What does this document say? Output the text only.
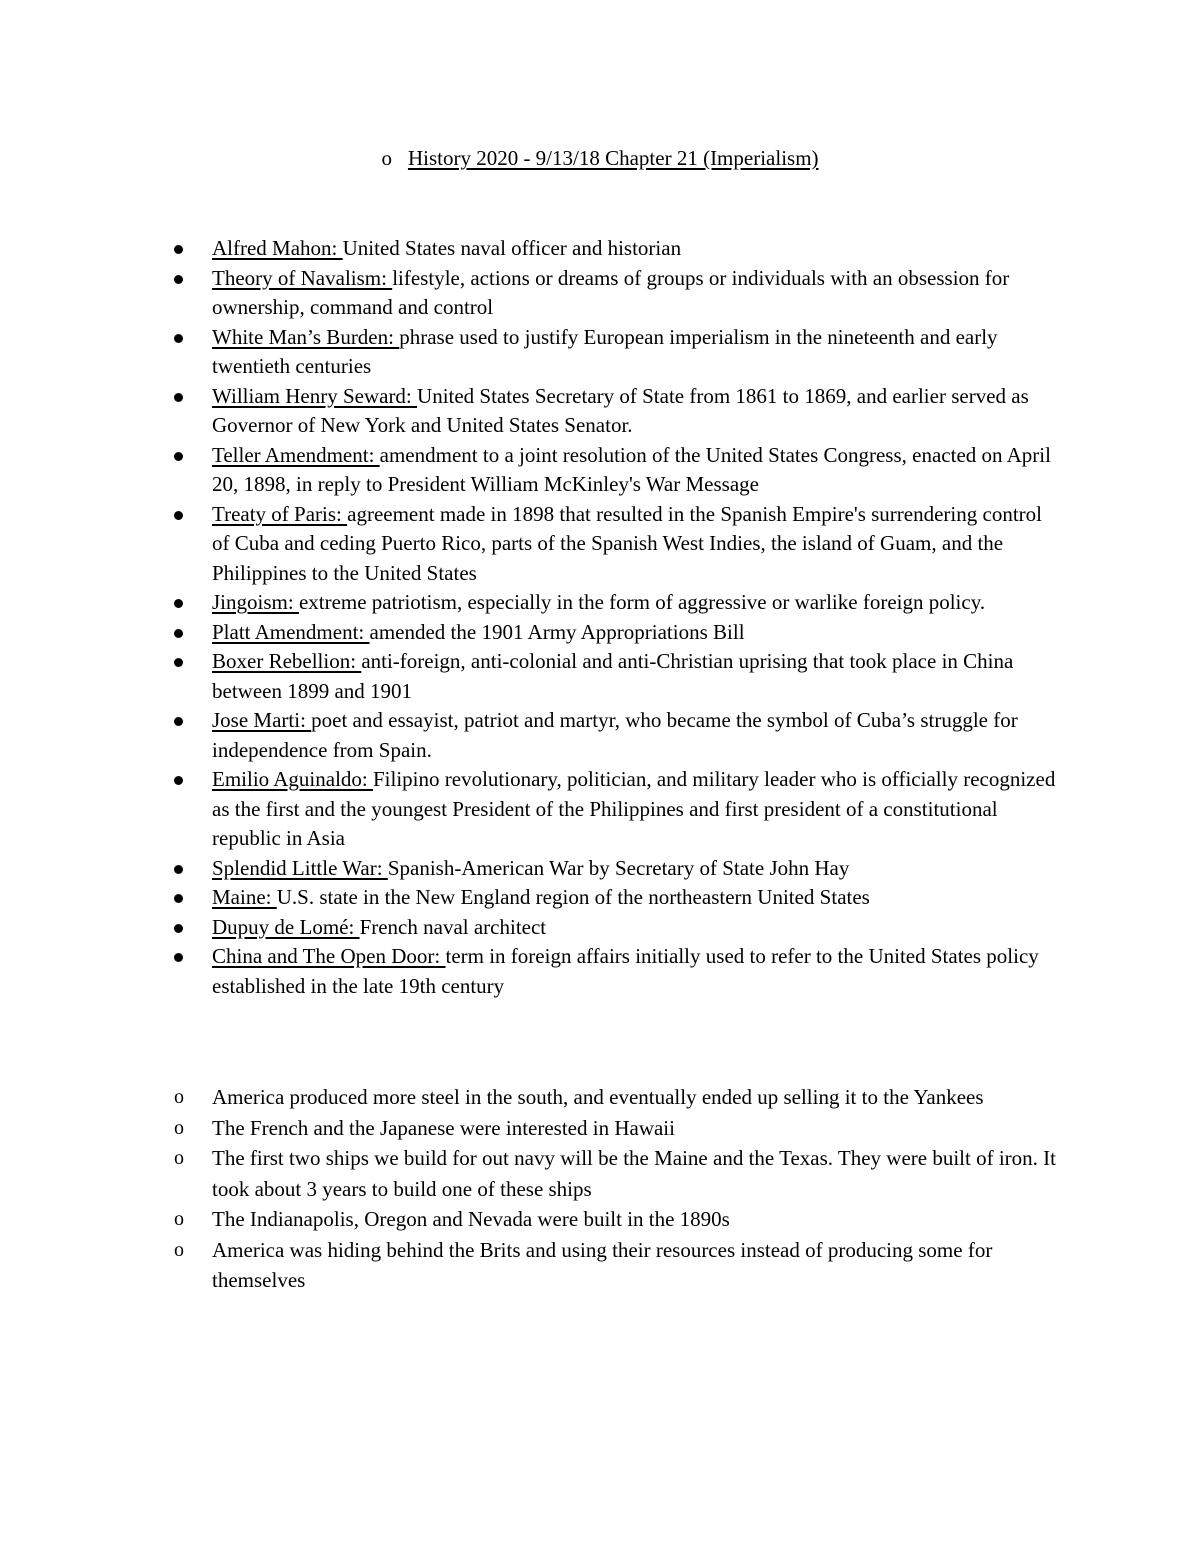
o History 2020 - 9/13/18 Chapter 21 (Imperialism)
Alfred Mahon: United States naval officer and historian
Theory of Navalism: lifestyle, actions or dreams of groups or individuals with an obsession for ownership, command and control
White Man’s Burden: phrase used to justify European imperialism in the nineteenth and early twentieth centuries
William Henry Seward: United States Secretary of State from 1861 to 1869, and earlier served as Governor of New York and United States Senator.
Teller Amendment: amendment to a joint resolution of the United States Congress, enacted on April 20, 1898, in reply to President William McKinley's War Message
Treaty of Paris: agreement made in 1898 that resulted in the Spanish Empire's surrendering control of Cuba and ceding Puerto Rico, parts of the Spanish West Indies, the island of Guam, and the Philippines to the United States
Jingoism: extreme patriotism, especially in the form of aggressive or warlike foreign policy.
Platt Amendment: amended the 1901 Army Appropriations Bill
Boxer Rebellion: anti-foreign, anti-colonial and anti-Christian uprising that took place in China between 1899 and 1901
Jose Marti: poet and essayist, patriot and martyr, who became the symbol of Cuba’s struggle for independence from Spain.
Emilio Aguinaldo: Filipino revolutionary, politician, and military leader who is officially recognized as the first and the youngest President of the Philippines and first president of a constitutional republic in Asia
Splendid Little War: Spanish-American War by Secretary of State John Hay
Maine: U.S. state in the New England region of the northeastern United States
Dupuy de Lomé: French naval architect
China and The Open Door: term in foreign affairs initially used to refer to the United States policy established in the late 19th century
o America produced more steel in the south, and eventually ended up selling it to the Yankees
o The French and the Japanese were interested in Hawaii
o The first two ships we build for out navy will be the Maine and the Texas. They were built of iron. It took about 3 years to build one of these ships
o The Indianapolis, Oregon and Nevada were built in the 1890s
o America was hiding behind the Brits and using their resources instead of producing some for themselves
